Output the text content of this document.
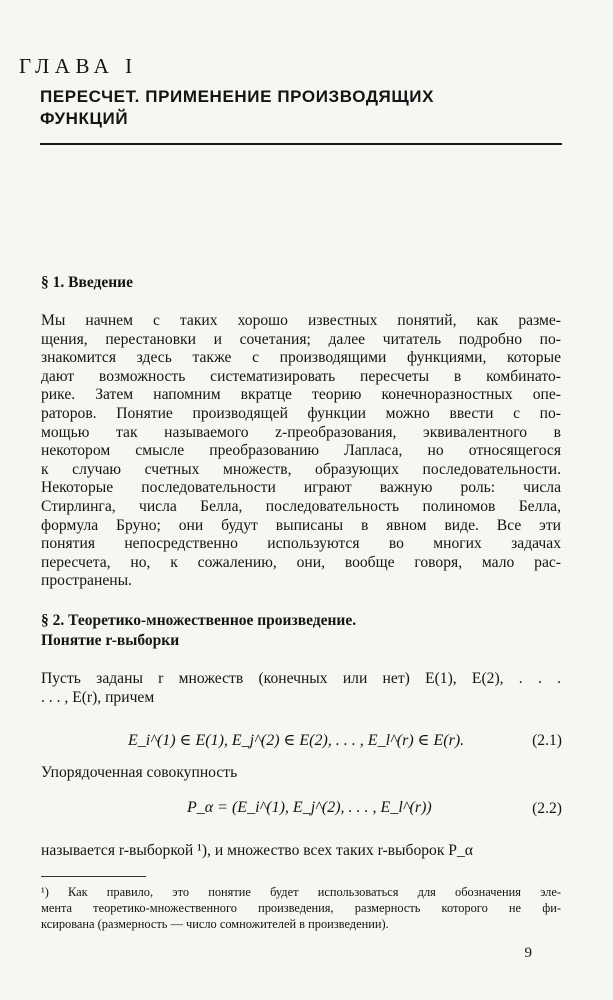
ГЛАВА I
ПЕРЕСЧЕТ. ПРИМЕНЕНИЕ ПРОИЗВОДЯЩИХ
ФУНКЦИЙ
§ 1. Введение
Мы начнем с таких хорошо известных понятий, как разме-
щения, перестановки и сочетания; далее читатель подробно по-
знакомится здесь также с производящими функциями, которые
дают возможность систематизировать пересчеты в комбинато-
рике. Затем напомним вкратце теорию конечноразностных опе-
раторов. Понятие производящей функции можно ввести с по-
мощью так называемого z-преобразования, эквивалентного в
некотором смысле преобразованию Лапласа, но относящегося
к случаю счетных множеств, образующих последовательности.
Некоторые последовательности играют важную роль: числа
Стирлинга, числа Белла, последовательность полиномов Белла,
формула Бруно; они будут выписаны в явном виде. Все эти
понятия непосредственно используются во многих задачах
пересчета, но, к сожалению, они, вообще говоря, мало рас-
пространены.
§ 2. Теоретико-множественное произведение.
Понятие r-выборки
Пусть заданы r множеств (конечных или нет) E(1), E(2), . . .
. . . , E(r), причем
E_i^(1) ∈ E(1), E_j^(2) ∈ E(2), . . . , E_l^(r) ∈ E(r).	(2.1)
Упорядоченная совокупность
P_α = (E_i^(1), E_j^(2), . . . , E_l^(r))	(2.2)
называется r-выборкой ¹), и множество всех таких r-выборок P_α
¹) Как правило, это понятие будет использоваться для обозначения эле-
мента теоретико-множественного произведения, размерность которого не фи-
ксирована (размерность — число сомножителей в произведении).
9
